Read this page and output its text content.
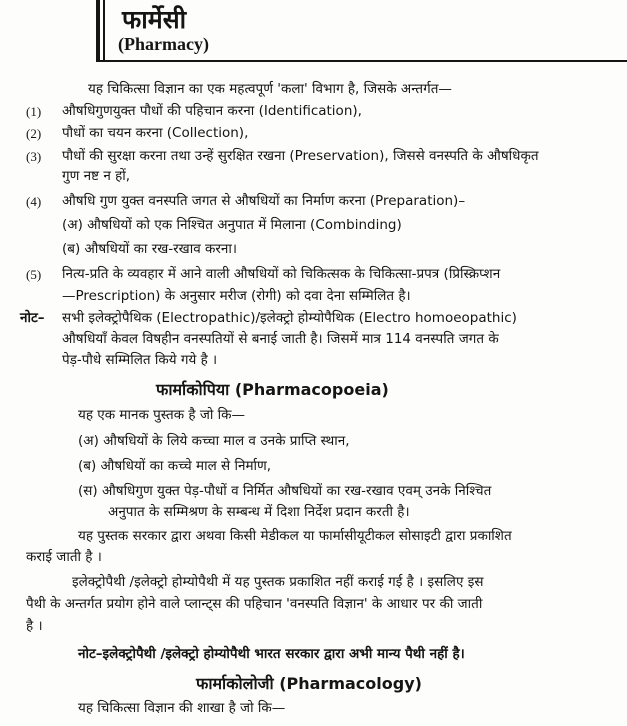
फार्मेसी
(Pharmacy)
यह चिकित्सा विज्ञान का एक महत्वपूर्ण 'कला' विभाग है, जिसके अन्तर्गत—
(1) औषधिगुणयुक्त पौधों की पहिचान करना (Identification),
(2) पौधों का चयन करना (Collection),
(3) पौधों की सुरक्षा करना तथा उन्हें सुरक्षित रखना (Preservation), जिससे वनस्पति के औषधिकृत
गुण नष्ट न हों,
(4) औषधि गुण युक्त वनस्पति जगत से औषधियों का निर्माण करना (Preparation)–
(अ) औषधियों को एक निश्चित अनुपात में मिलाना (Combinding)
(ब) औषधियों का रख-रखाव करना।
(5) नित्य-प्रति के व्यवहार में आने वाली औषधियों को चिकित्सक के चिकित्सा-प्रपत्र (प्रिस्क्रिप्शन
—Prescription) के अनुसार मरीज (रोगी) को दवा देना सम्मिलित है।
नोट– सभी इलेक्ट्रोपैथिक (Electropathic)/इलेक्ट्रो होम्योपैथिक (Electro homoeopathic)
औषधियाँ केवल विषहीन वनस्पतियों से बनाई जाती है। जिसमें मात्र 114 वनस्पति जगत के
पेड़-पौधे सम्मिलित किये गये है ।
फार्माकोपिया (Pharmacopoeia)
यह एक मानक पुस्तक है जो कि—
(अ) औषधियों के लिये कच्चा माल व उनके प्राप्ति स्थान,
(ब) औषधियों का कच्चे माल से निर्माण,
(स) औषधिगुण युक्त पेड़-पौधों व निर्मित औषधियों का रख-रखाव एवम् उनके निश्चित
अनुपात के सम्मिश्रण के सम्बन्ध में दिशा निर्देश प्रदान करती है।
यह पुस्तक सरकार द्वारा अथवा किसी मेडीकल या फार्मासीयूटीकल सोसाइटी द्वारा प्रकाशित
कराई जाती है ।
इलेक्ट्रोपैथी /इलेक्ट्रो होम्योपैथी में यह पुस्तक प्रकाशित नहीं कराई गई है । इसलिए इस
पैथी के अन्तर्गत प्रयोग होने वाले प्लान्ट्स की पहिचान 'वनस्पति विज्ञान' के आधार पर की जाती
है ।
नोट–इलेक्ट्रोपैथी /इलेक्ट्रो होम्योपैथी भारत सरकार द्वारा अभी मान्य पैथी नहीं है।
फार्माकोलोजी (Pharmacology)
यह चिकित्सा विज्ञान की शाखा है जो कि—
